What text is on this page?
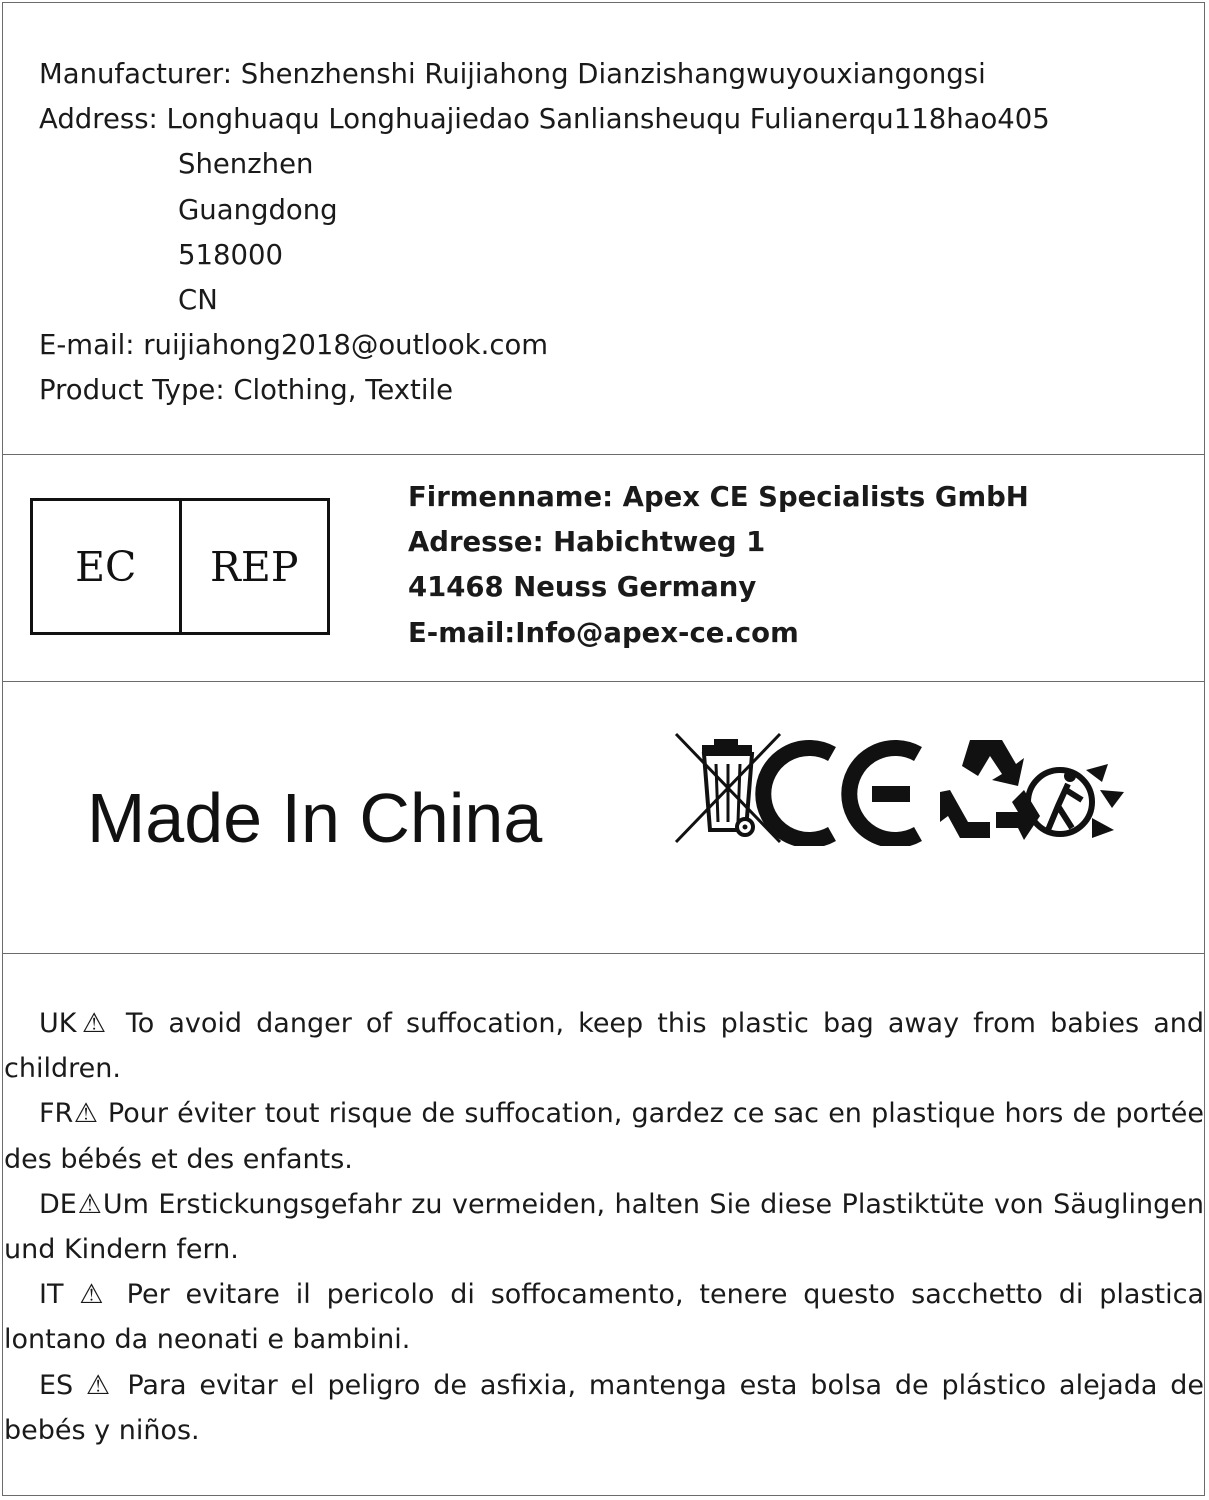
Manufacturer: Shenzhenshi Ruijiahong Dianzishangwuyouxiangongsi
Address: Longhuaqu Longhuajiedao Sanliansheuqu Fulianerqu118hao405
Shenzhen
Guangdong
518000
CN
E-mail: ruijiahong2018@outlook.com
Product Type: Clothing, Textile
EC	REP
Firmenname: Apex CE Specialists GmbH
Adresse: Habichtweg 1
41468 Neuss Germany
E-mail:Info@apex-ce.com
Made In China

UK⚠ To avoid danger of suffocation, keep this plastic bag away from babies and children.

FR⚠ Pour éviter tout risque de suffocation, gardez ce sac en plastique hors de portée des bébés et des enfants.

DE⚠Um Erstickungsgefahr zu vermeiden, halten Sie diese Plastiktüte von Säuglingen und Kindern fern.

IT ⚠ Per evitare il pericolo di soffocamento, tenere questo sacchetto di plastica lontano da neonati e bambini.

ES ⚠ Para evitar el peligro de asfixia, mantenga esta bolsa de plástico alejada de bebés y niños.
